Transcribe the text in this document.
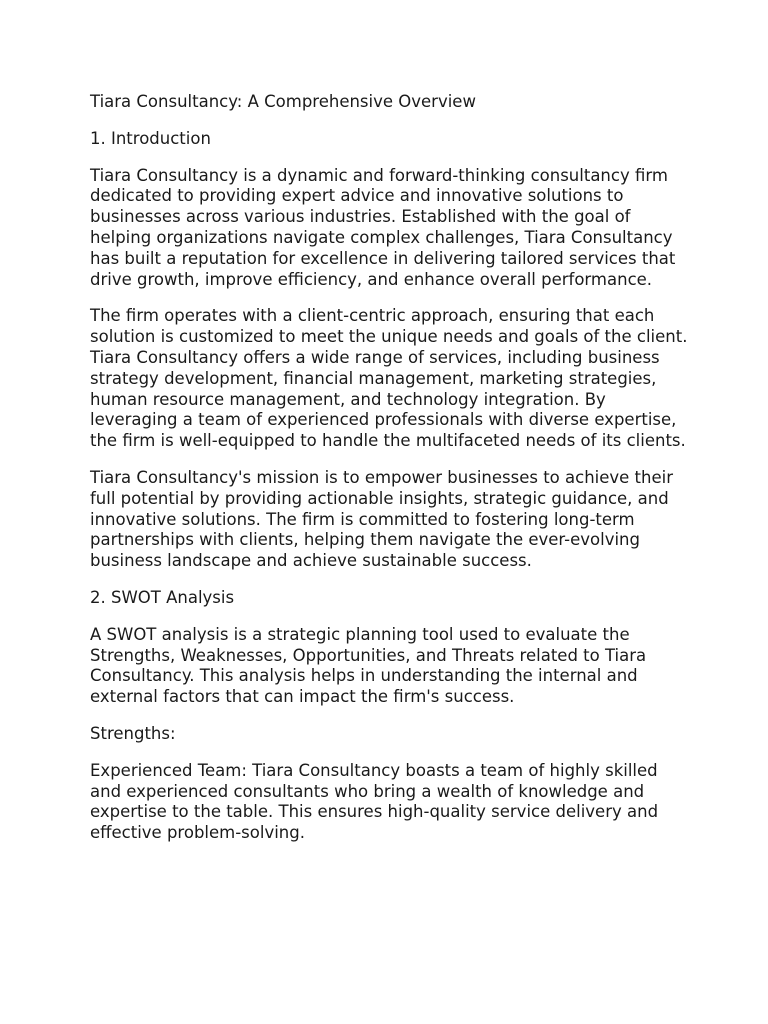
Tiara Consultancy: A Comprehensive Overview

1. Introduction

Tiara Consultancy is a dynamic and forward-thinking consultancy firm dedicated to providing expert advice and innovative solutions to businesses across various industries. Established with the goal of helping organizations navigate complex challenges, Tiara Consultancy has built a reputation for excellence in delivering tailored services that drive growth, improve efficiency, and enhance overall performance.

The firm operates with a client-centric approach, ensuring that each solution is customized to meet the unique needs and goals of the client. Tiara Consultancy offers a wide range of services, including business strategy development, financial management, marketing strategies, human resource management, and technology integration. By leveraging a team of experienced professionals with diverse expertise, the firm is well-equipped to handle the multifaceted needs of its clients.

Tiara Consultancy's mission is to empower businesses to achieve their full potential by providing actionable insights, strategic guidance, and innovative solutions. The firm is committed to fostering long-term partnerships with clients, helping them navigate the ever-evolving business landscape and achieve sustainable success.

2. SWOT Analysis

A SWOT analysis is a strategic planning tool used to evaluate the Strengths, Weaknesses, Opportunities, and Threats related to Tiara Consultancy. This analysis helps in understanding the internal and external factors that can impact the firm's success.

Strengths:

Experienced Team: Tiara Consultancy boasts a team of highly skilled and experienced consultants who bring a wealth of knowledge and expertise to the table. This ensures high-quality service delivery and effective problem-solving.
